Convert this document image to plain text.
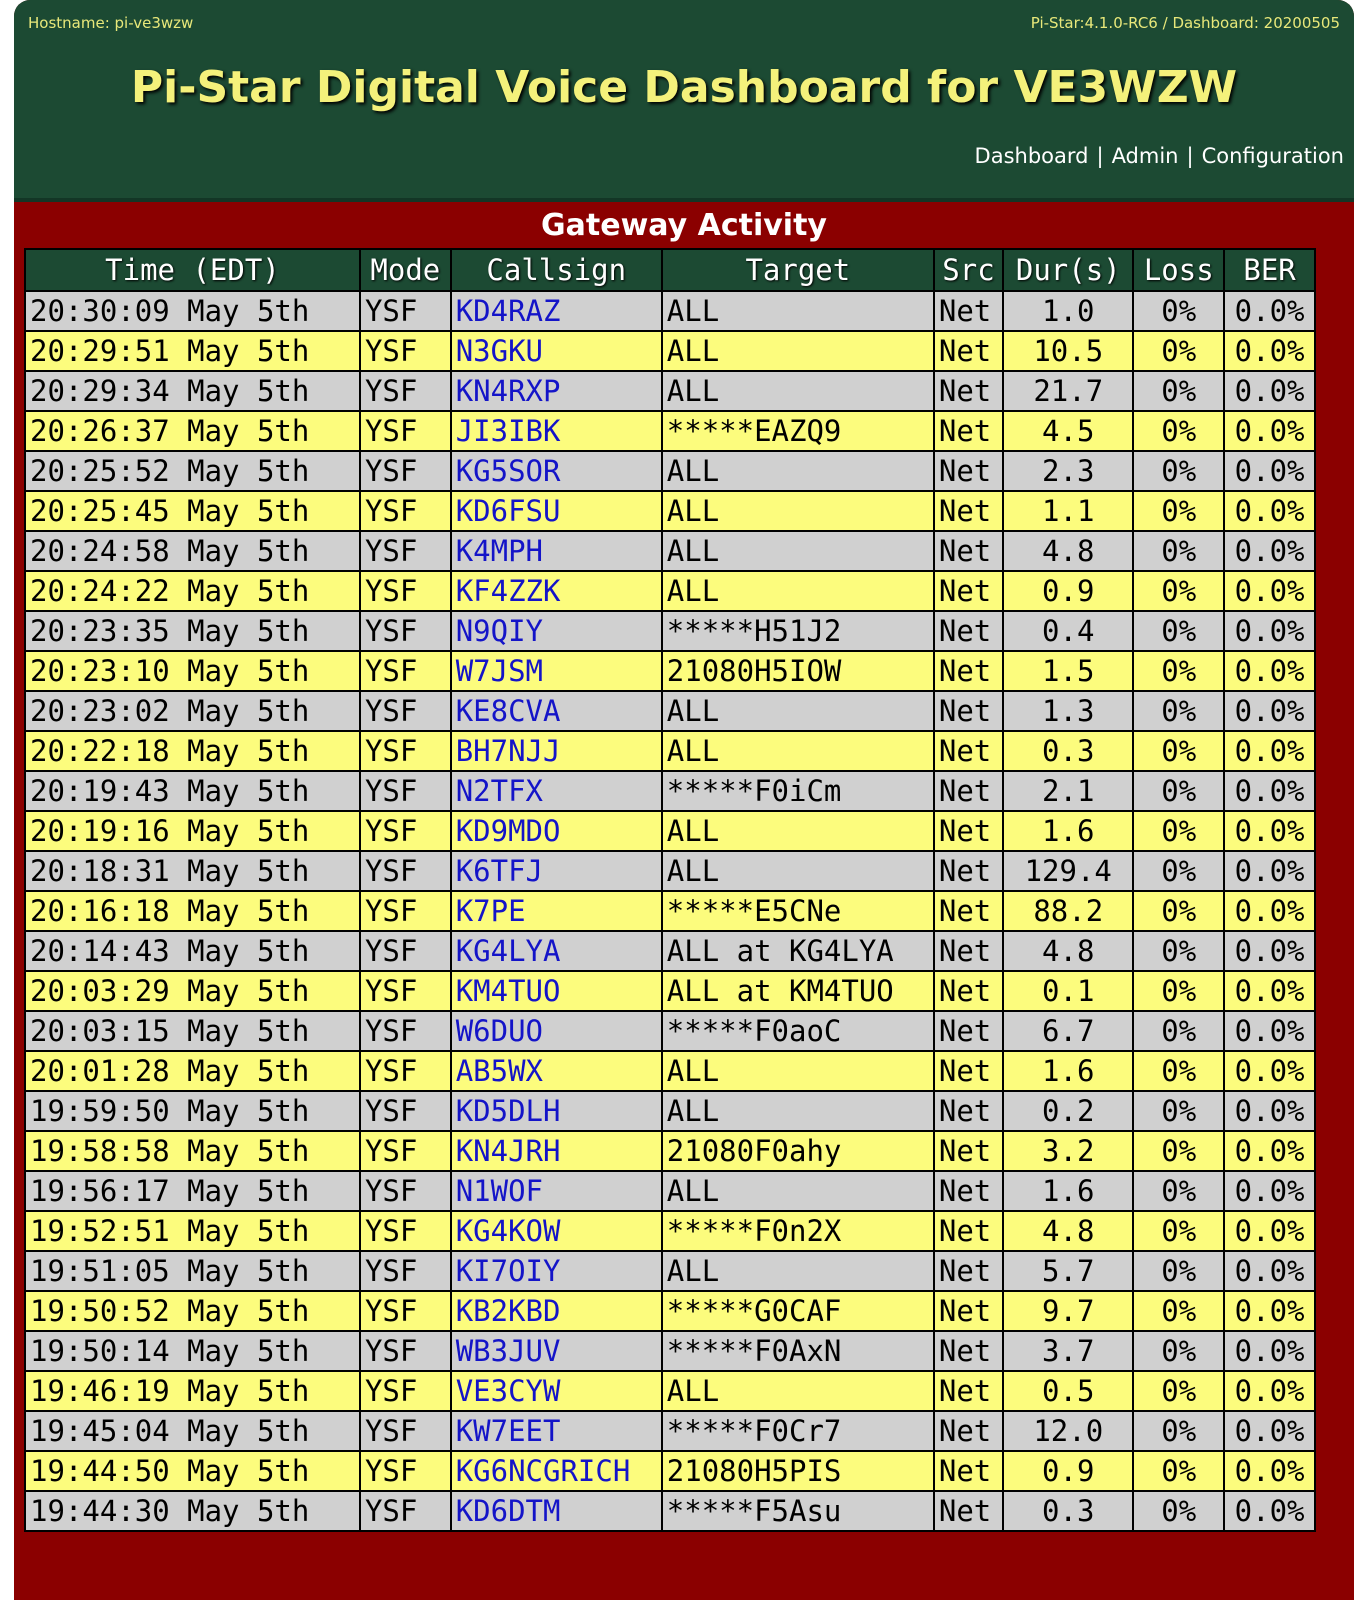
Hostname: pi-ve3wzw	Pi-Star:4.1.0-RC6 / Dashboard: 20200505
Pi-Star Digital Voice Dashboard for VE3WZW
Dashboard | Admin | Configuration
Gateway Activity
Time (EDT)	Mode	Callsign	Target	Src	Dur(s)	Loss	BER
20:30:09 May 5th	YSF	KD4RAZ	ALL	Net	1.0	0%	0.0%
20:29:51 May 5th	YSF	N3GKU	ALL	Net	10.5	0%	0.0%
20:29:34 May 5th	YSF	KN4RXP	ALL	Net	21.7	0%	0.0%
20:26:37 May 5th	YSF	JI3IBK	*****EAZQ9	Net	4.5	0%	0.0%
20:25:52 May 5th	YSF	KG5SOR	ALL	Net	2.3	0%	0.0%
20:25:45 May 5th	YSF	KD6FSU	ALL	Net	1.1	0%	0.0%
20:24:58 May 5th	YSF	K4MPH	ALL	Net	4.8	0%	0.0%
20:24:22 May 5th	YSF	KF4ZZK	ALL	Net	0.9	0%	0.0%
20:23:35 May 5th	YSF	N9QIY	*****H51J2	Net	0.4	0%	0.0%
20:23:10 May 5th	YSF	W7JSM	21080H5IOW	Net	1.5	0%	0.0%
20:23:02 May 5th	YSF	KE8CVA	ALL	Net	1.3	0%	0.0%
20:22:18 May 5th	YSF	BH7NJJ	ALL	Net	0.3	0%	0.0%
20:19:43 May 5th	YSF	N2TFX	*****F0iCm	Net	2.1	0%	0.0%
20:19:16 May 5th	YSF	KD9MDO	ALL	Net	1.6	0%	0.0%
20:18:31 May 5th	YSF	K6TFJ	ALL	Net	129.4	0%	0.0%
20:16:18 May 5th	YSF	K7PE	*****E5CNe	Net	88.2	0%	0.0%
20:14:43 May 5th	YSF	KG4LYA	ALL at KG4LYA	Net	4.8	0%	0.0%
20:03:29 May 5th	YSF	KM4TUO	ALL at KM4TUO	Net	0.1	0%	0.0%
20:03:15 May 5th	YSF	W6DUO	*****F0aoC	Net	6.7	0%	0.0%
20:01:28 May 5th	YSF	AB5WX	ALL	Net	1.6	0%	0.0%
19:59:50 May 5th	YSF	KD5DLH	ALL	Net	0.2	0%	0.0%
19:58:58 May 5th	YSF	KN4JRH	21080F0ahy	Net	3.2	0%	0.0%
19:56:17 May 5th	YSF	N1WOF	ALL	Net	1.6	0%	0.0%
19:52:51 May 5th	YSF	KG4KOW	*****F0n2X	Net	4.8	0%	0.0%
19:51:05 May 5th	YSF	KI7OIY	ALL	Net	5.7	0%	0.0%
19:50:52 May 5th	YSF	KB2KBD	*****G0CAF	Net	9.7	0%	0.0%
19:50:14 May 5th	YSF	WB3JUV	*****F0AxN	Net	3.7	0%	0.0%
19:46:19 May 5th	YSF	VE3CYW	ALL	Net	0.5	0%	0.0%
19:45:04 May 5th	YSF	KW7EET	*****F0Cr7	Net	12.0	0%	0.0%
19:44:50 May 5th	YSF	KG6NCGRICH	21080H5PIS	Net	0.9	0%	0.0%
19:44:30 May 5th	YSF	KD6DTM	*****F5Asu	Net	0.3	0%	0.0%
